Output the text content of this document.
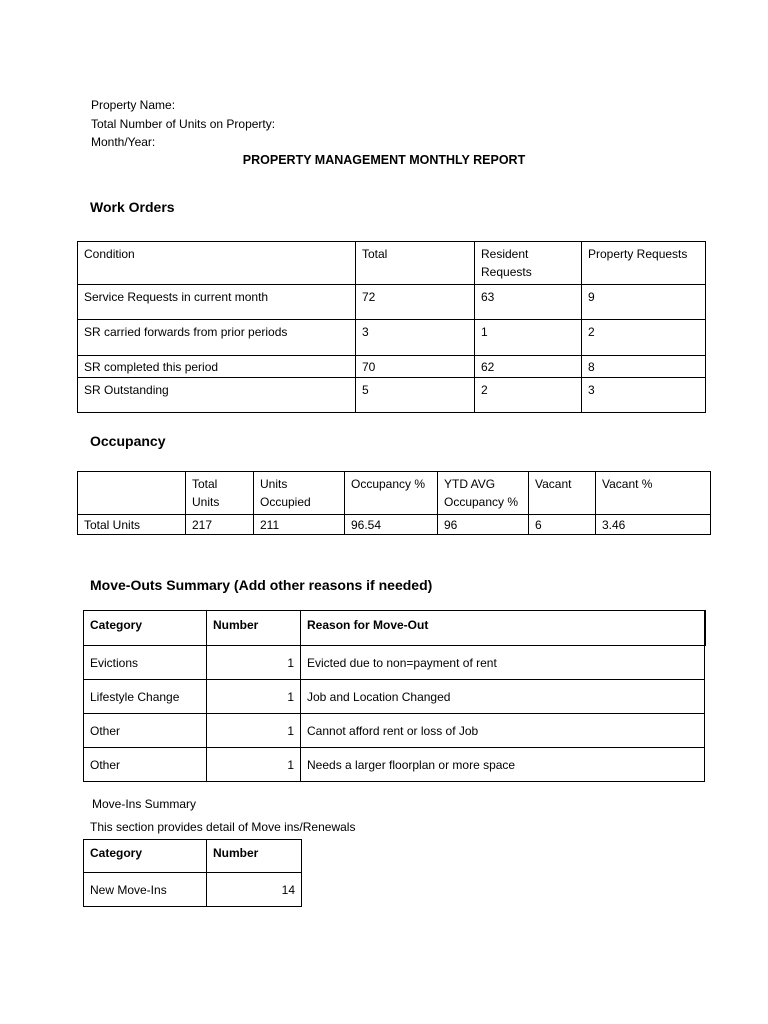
Property Name:
Total Number of Units on Property:
Month/Year:
PROPERTY MANAGEMENT MONTHLY REPORT
Work Orders
Condition	Total	Resident Requests	Property Requests
Service Requests in current month	72	63	9
SR carried forwards from prior periods	3	1	2
SR completed this period	70	62	8
SR Outstanding	5	2	3
Occupancy
	Total Units	Units Occupied	Occupancy %	YTD AVG Occupancy %	Vacant	Vacant %
Total Units	217	211	96.54	96	6	3.46
Move-Outs Summary (Add other reasons if needed)
Category	Number	Reason for Move-Out
Evictions	1	Evicted due to non=payment of rent
Lifestyle Change	1	Job and Location Changed
Other	1	Cannot afford rent or loss of Job
Other	1	Needs a larger floorplan or more space
Move-Ins Summary
This section provides detail of Move ins/Renewals
Category	Number
New Move-Ins	14
